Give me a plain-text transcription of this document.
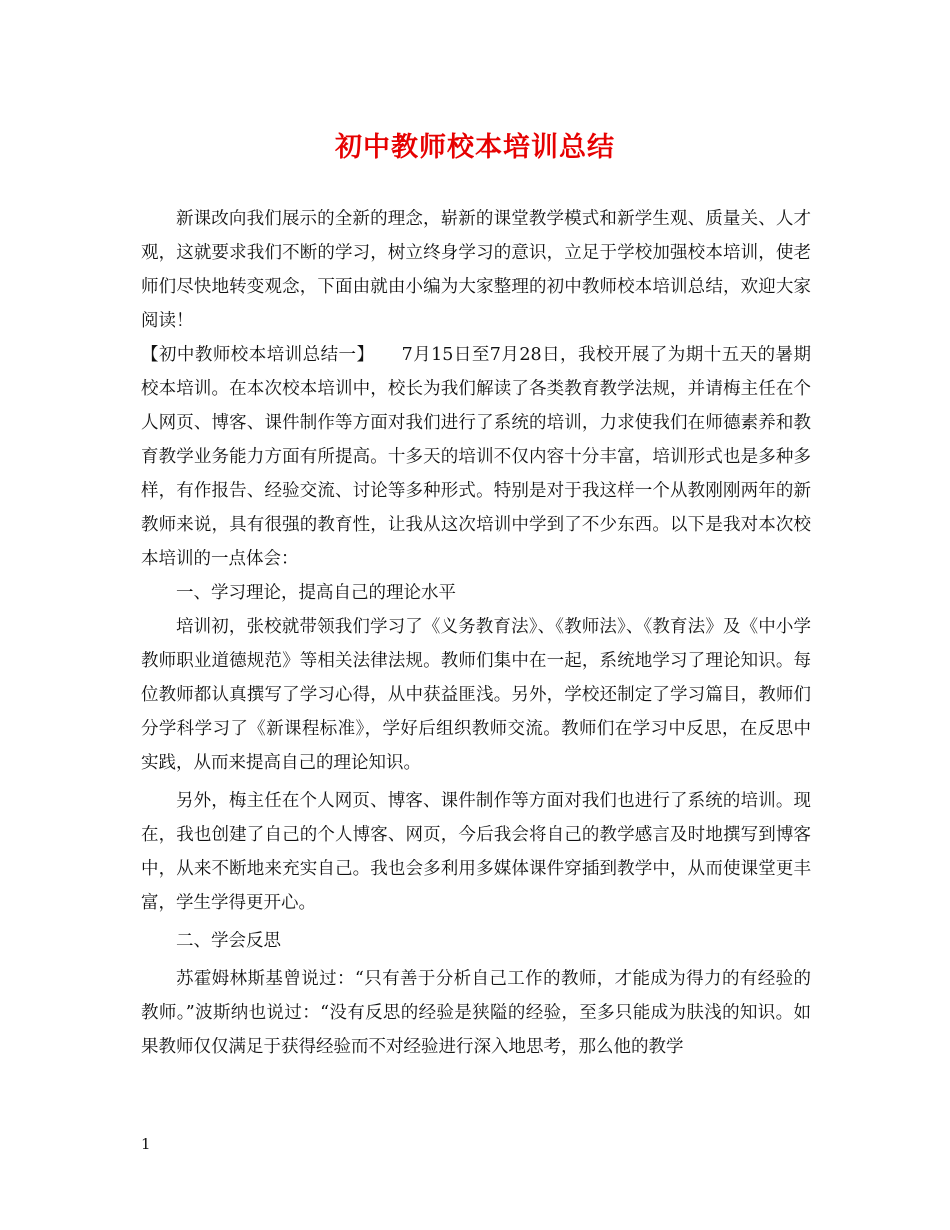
初中教师校本培训总结

新课改向我们展示的全新的理念，崭新的课堂教学模式和新学生观、质量关、人才观，这就要求我们不断的学习，树立终身学习的意识，立足于学校加强校本培训，使老师们尽快地转变观念，下面由就由小编为大家整理的初中教师校本培训总结，欢迎大家阅读！

【初中教师校本培训总结一】　　7月15日至7月28日，我校开展了为期十五天的暑期校本培训。在本次校本培训中，校长为我们解读了各类教育教学法规，并请梅主任在个人网页、博客、课件制作等方面对我们进行了系统的培训，力求使我们在师德素养和教育教学业务能力方面有所提高。十多天的培训不仅内容十分丰富，培训形式也是多种多样，有作报告、经验交流、讨论等多种形式。特别是对于我这样一个从教刚刚两年的新教师来说，具有很强的教育性，让我从这次培训中学到了不少东西。以下是我对本次校本培训的一点体会：

一、学习理论，提高自己的理论水平

培训初，张校就带领我们学习了《义务教育法》、《教师法》、《教育法》及《中小学教师职业道德规范》等相关法律法规。教师们集中在一起，系统地学习了理论知识。每位教师都认真撰写了学习心得，从中获益匪浅。另外，学校还制定了学习篇目，教师们分学科学习了《新课程标准》，学好后组织教师交流。教师们在学习中反思，在反思中实践，从而来提高自己的理论知识。

另外，梅主任在个人网页、博客、课件制作等方面对我们也进行了系统的培训。现在，我也创建了自己的个人博客、网页，今后我会将自己的教学感言及时地撰写到博客中，从来不断地来充实自己。我也会多利用多媒体课件穿插到教学中，从而使课堂更丰富，学生学得更开心。

二、学会反思

苏霍姆林斯基曾说过：“只有善于分析自己工作的教师，才能成为得力的有经验的教师。”波斯纳也说过：“没有反思的经验是狭隘的经验，至多只能成为肤浅的知识。如果教师仅仅满足于获得经验而不对经验进行深入地思考，那么他的教学

1
